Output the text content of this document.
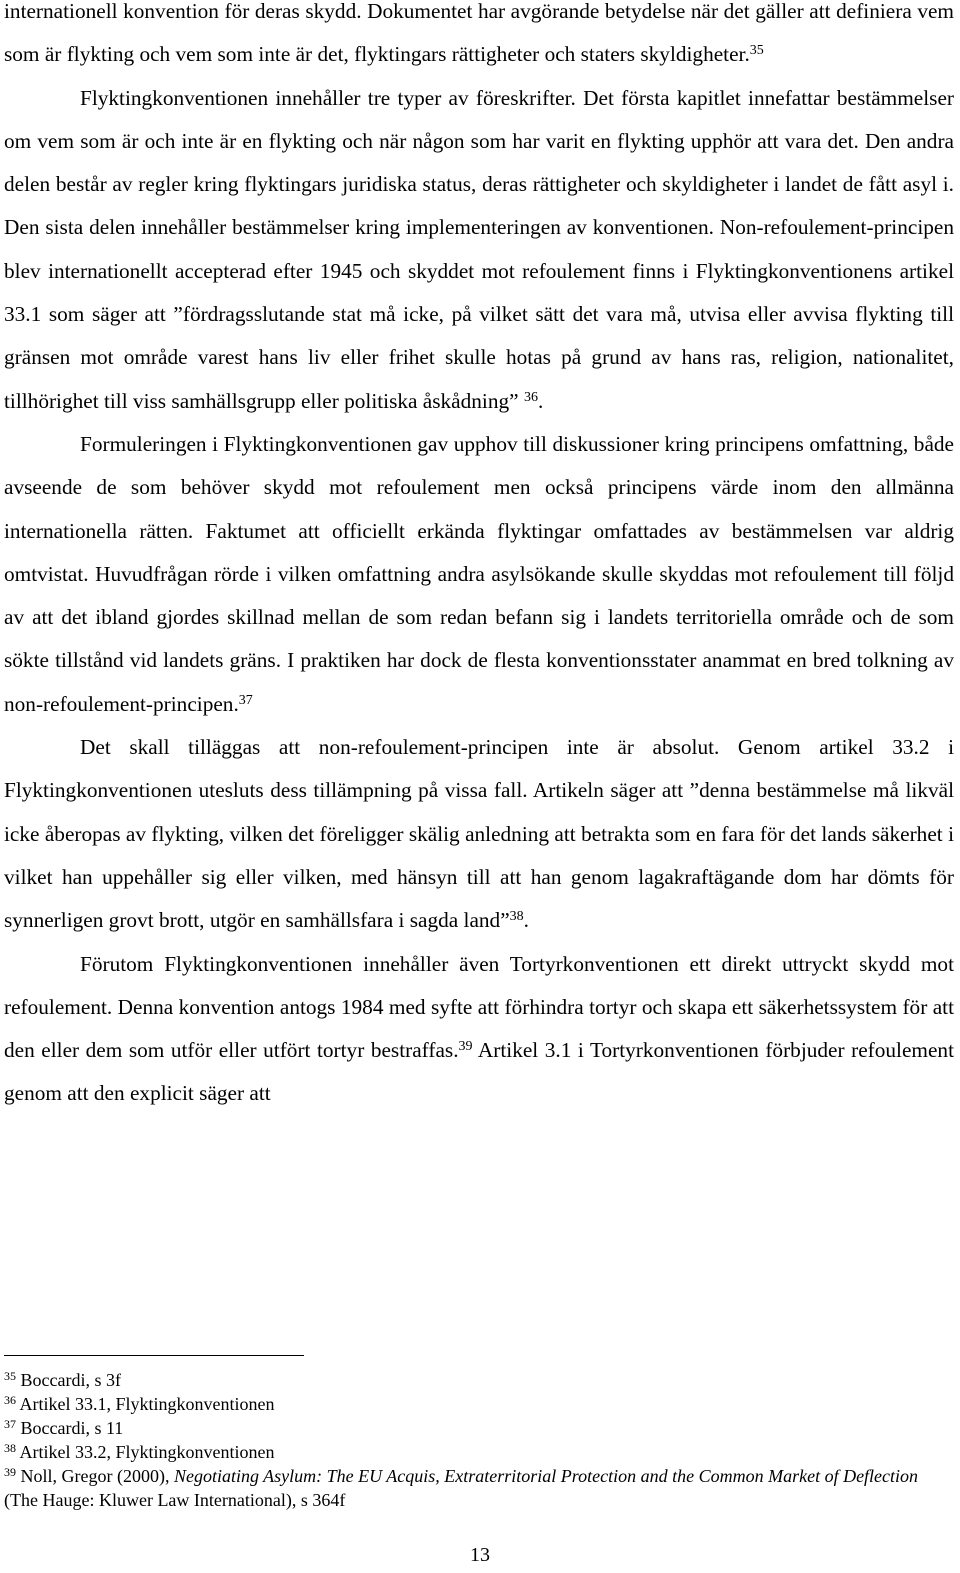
internationell konvention för deras skydd. Dokumentet har avgörande betydelse när det gäller att definiera vem som är flykting och vem som inte är det, flyktingars rättigheter och staters skyldigheter.$^{35}$

Flyktingkonventionen innehåller tre typer av föreskrifter. Det första kapitlet innefattar bestämmelser om vem som är och inte är en flykting och när någon som har varit en flykting upphör att vara det. Den andra delen består av regler kring flyktingars juridiska status, deras rättigheter och skyldigheter i landet de fått asyl i. Den sista delen innehåller bestämmelser kring implementeringen av konventionen. Non-refoulement-principen blev internationellt accepterad efter 1945 och skyddet mot refoulement finns i Flyktingkonventionens artikel 33.1 som säger att ”fördragsslutande stat må icke, på vilket sätt det vara må, utvisa eller avvisa flykting till gränsen mot område varest hans liv eller frihet skulle hotas på grund av hans ras, religion, nationalitet, tillhörighet till viss samhällsgrupp eller politiska åskådning” $^{36}$.

Formuleringen i Flyktingkonventionen gav upphov till diskussioner kring principens omfattning, både avseende de som behöver skydd mot refoulement men också principens värde inom den allmänna internationella rätten. Faktumet att officiellt erkända flyktingar omfattades av bestämmelsen var aldrig omtvistat. Huvudfrågan rörde i vilken omfattning andra asylsökande skulle skyddas mot refoulement till följd av att det ibland gjordes skillnad mellan de som redan befann sig i landets territoriella område och de som sökte tillstånd vid landets gräns. I praktiken har dock de flesta konventionsstater anammat en bred tolkning av non-refoulement-principen.$^{37}$

Det skall tilläggas att non-refoulement-principen inte är absolut. Genom artikel 33.2 i Flyktingkonventionen utesluts dess tillämpning på vissa fall. Artikeln säger att ”denna bestämmelse må likväl icke åberopas av flykting, vilken det föreligger skälig anledning att betrakta som en fara för det lands säkerhet i vilket han uppehåller sig eller vilken, med hänsyn till att han genom lagakraftägande dom har dömts för synnerligen grovt brott, utgör en samhällsfara i sagda land”$^{38}$.

Förutom Flyktingkonventionen innehåller även Tortyrkonventionen ett direkt uttryckt skydd mot refoulement. Denna konvention antogs 1984 med syfte att förhindra tortyr och skapa ett säkerhetssystem för att den eller dem som utför eller utfört tortyr bestraffas.$^{39}$ Artikel 3.1 i Tortyrkonventionen förbjuder refoulement genom att den explicit säger att

$^{35}$ Boccardi, s 3f

$^{36}$ Artikel 33.1, Flyktingkonventionen

$^{37}$ Boccardi, s 11

$^{38}$ Artikel 33.2, Flyktingkonventionen

$^{39}$ Noll, Gregor (2000), Negotiating Asylum: The EU Acquis, Extraterritorial Protection and the Common Market of Deflection (The Hauge: Kluwer Law International), s 364f

13
